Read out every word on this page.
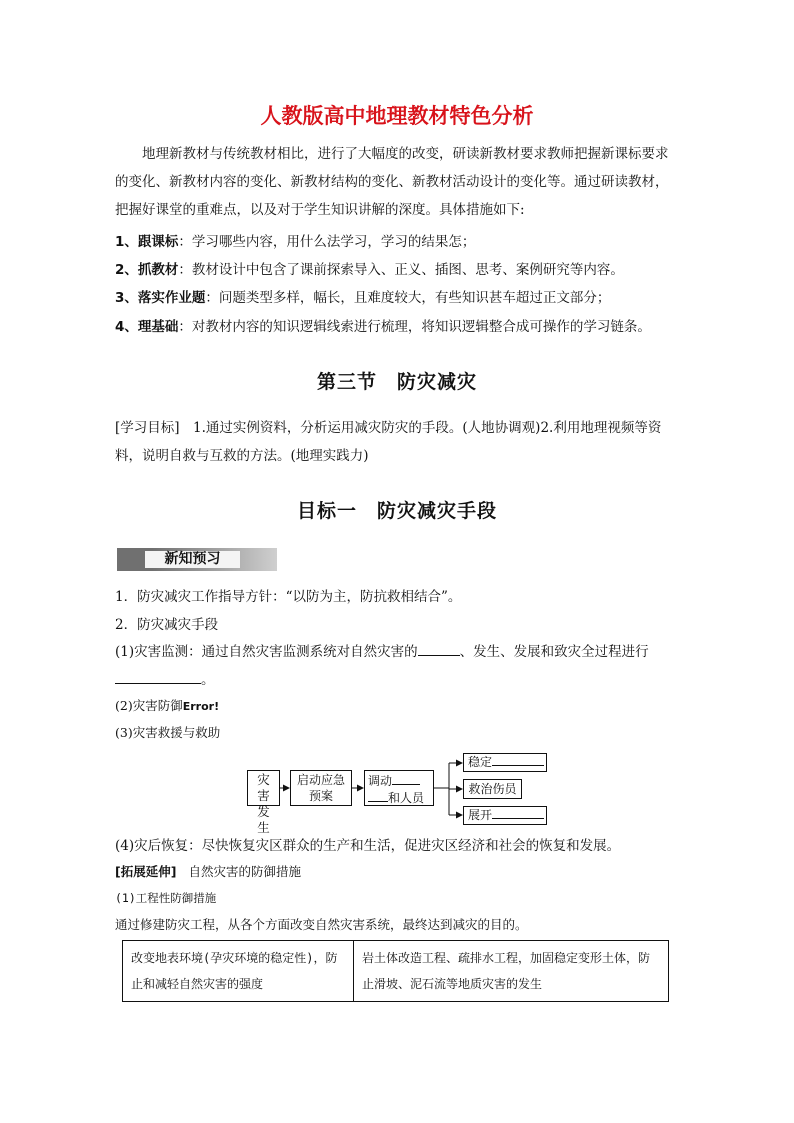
人教版高中地理教材特色分析
地理新教材与传统教材相比，进行了大幅度的改变，研读新教材要求教师把握新课标要求的变化、新教材内容的变化、新教材结构的变化、新教材活动设计的变化等。通过研读教材，把握好课堂的重难点，以及对于学生知识讲解的深度。具体措施如下:
1、跟课标：学习哪些内容，用什么法学习，学习的结果怎；
2、抓教材：教材设计中包含了课前探索导入、正义、插图、思考、案例研究等内容。
3、落实作业题：问题类型多样，幅长，且难度较大，有些知识甚车超过正文部分；
4、理基础：对教材内容的知识逻辑线索进行梳理，将知识逻辑整合成可操作的学习链条。
第三节　防灾减灾
[学习目标]　1.通过实例资料，分析运用减灾防灾的手段。(人地协调观)2.利用地理视频等资料，说明自救与互救的方法。(地理实践力)
目标一　防灾减灾手段
新知预习
1．防灾减灾工作指导方针：“以防为主，防抗救相结合”。
2．防灾减灾手段
(1)灾害监测：通过自然灾害监测系统对自然灾害的	、发生、发展和致灾全过程进行
。
(2)灾害防御Error!
(3)灾害救援与救助
灾害发生
启动应急预案
调动
和人员
稳定
救治伤员
展开
(4)灾后恢复：尽快恢复灾区群众的生产和生活，促进灾区经济和社会的恢复和发展。
[拓展延伸] 自然灾害的防御措施
(1)工程性防御措施
通过修建防灾工程，从各个方面改变自然灾害系统，最终达到减灾的目的。
改变地表环境(孕灾环境的稳定性)，防止和减轻自然灾害的强度	岩土体改造工程、疏排水工程，加固稳定变形土体，防止滑坡、泥石流等地质灾害的发生
